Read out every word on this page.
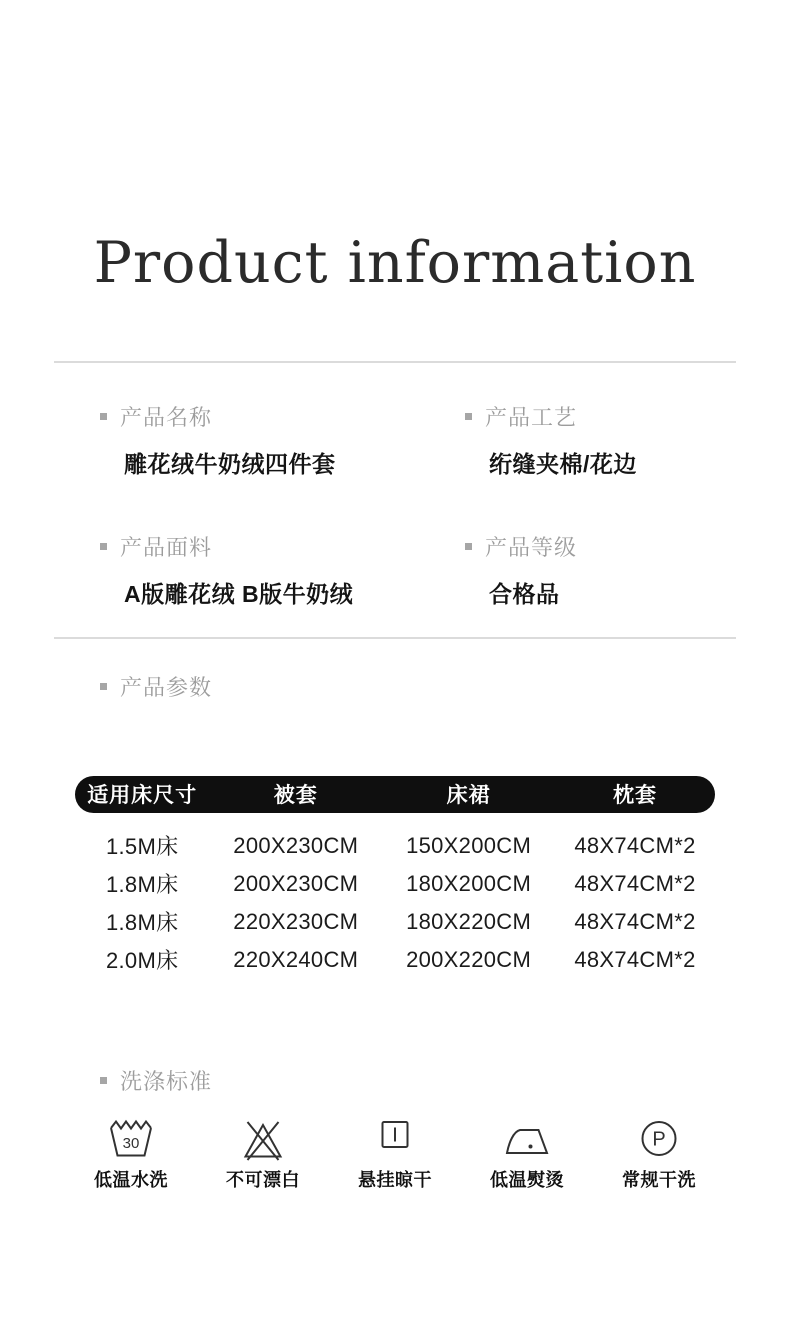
Product information
产品名称
雕花绒牛奶绒四件套
产品工艺
绗缝夹棉/花边
产品面料
A版雕花绒 B版牛奶绒
产品等级
合格品
产品参数
适用床尺寸	被套	床裙	枕套
1.5M床	200X230CM	150X200CM	48X74CM*2
1.8M床	200X230CM	180X200CM	48X74CM*2
1.8M床	220X230CM	180X220CM	48X74CM*2
2.0M床	220X240CM	200X220CM	48X74CM*2
洗涤标准
30
低温水洗	不可漂白	悬挂晾干	低温熨烫
P
常规干洗
